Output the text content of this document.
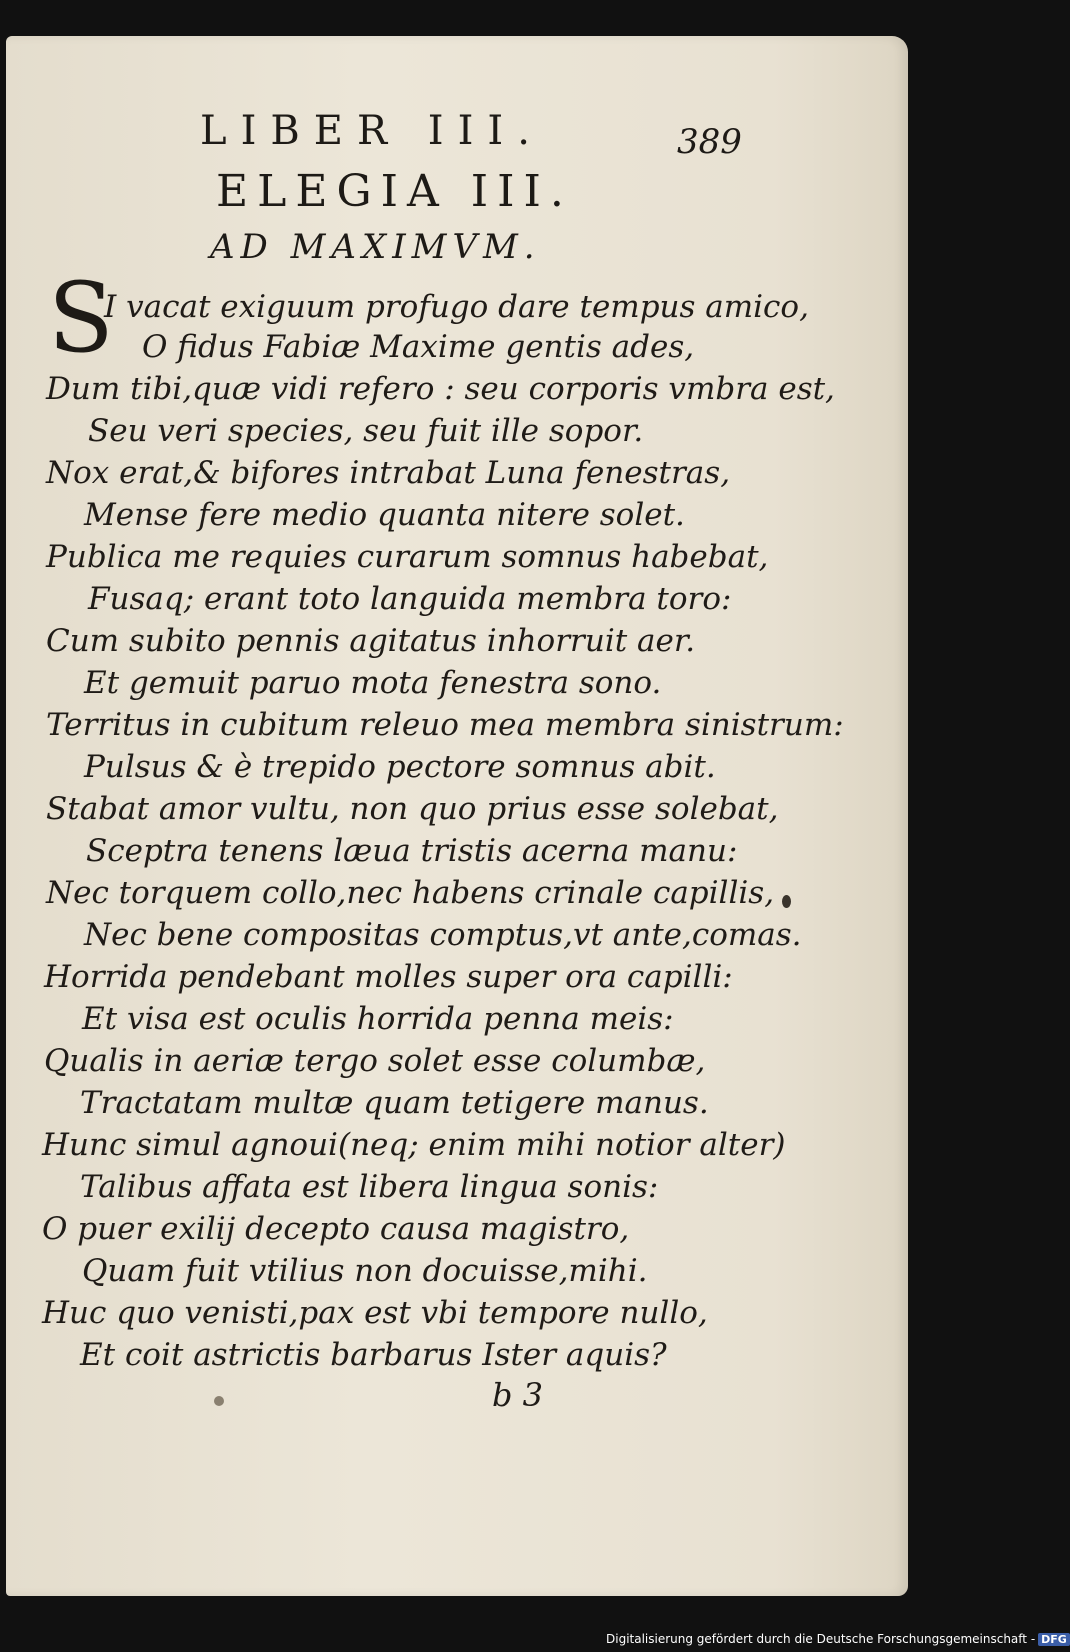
LIBER III.	389
ELEGIA III.
AD MAXIMVM.
S
I vacat exiguum profugo dare tempus amico,
O fidus Fabiæ Maxime gentis ades,
Dum tibi,quæ vidi refero : seu corporis vmbra est,
Seu veri species, seu fuit ille sopor.
Nox erat,& bifores intrabat Luna fenestras,
Mense fere medio quanta nitere solet.
Publica me requies curarum somnus habebat,
Fusaq; erant toto languida membra toro:
Cum subito pennis agitatus inhorruit aer.
Et gemuit paruo mota fenestra sono.
Territus in cubitum releuo mea membra sinistrum:
Pulsus & è trepido pectore somnus abit.
Stabat amor vultu, non quo prius esse solebat,
Sceptra tenens læua tristis acerna manu:
Nec torquem collo,nec habens crinale capillis,
Nec bene compositas comptus,vt ante,comas.
Horrida pendebant molles super ora capilli:
Et visa est oculis horrida penna meis:
Qualis in aeriæ tergo solet esse columbæ,
Tractatam multæ quam tetigere manus.
Hunc simul agnoui(neq; enim mihi notior alter)
Talibus affata est libera lingua sonis:
O puer exilij decepto causa magistro,
Quam fuit vtilius non docuisse,mihi.
Huc quo venisti,pax est vbi tempore nullo,
Et coit astrictis barbarus Ister aquis?
b 3
Digitalisierung gefördert durch die Deutsche Forschungsgemeinschaft - DFG
